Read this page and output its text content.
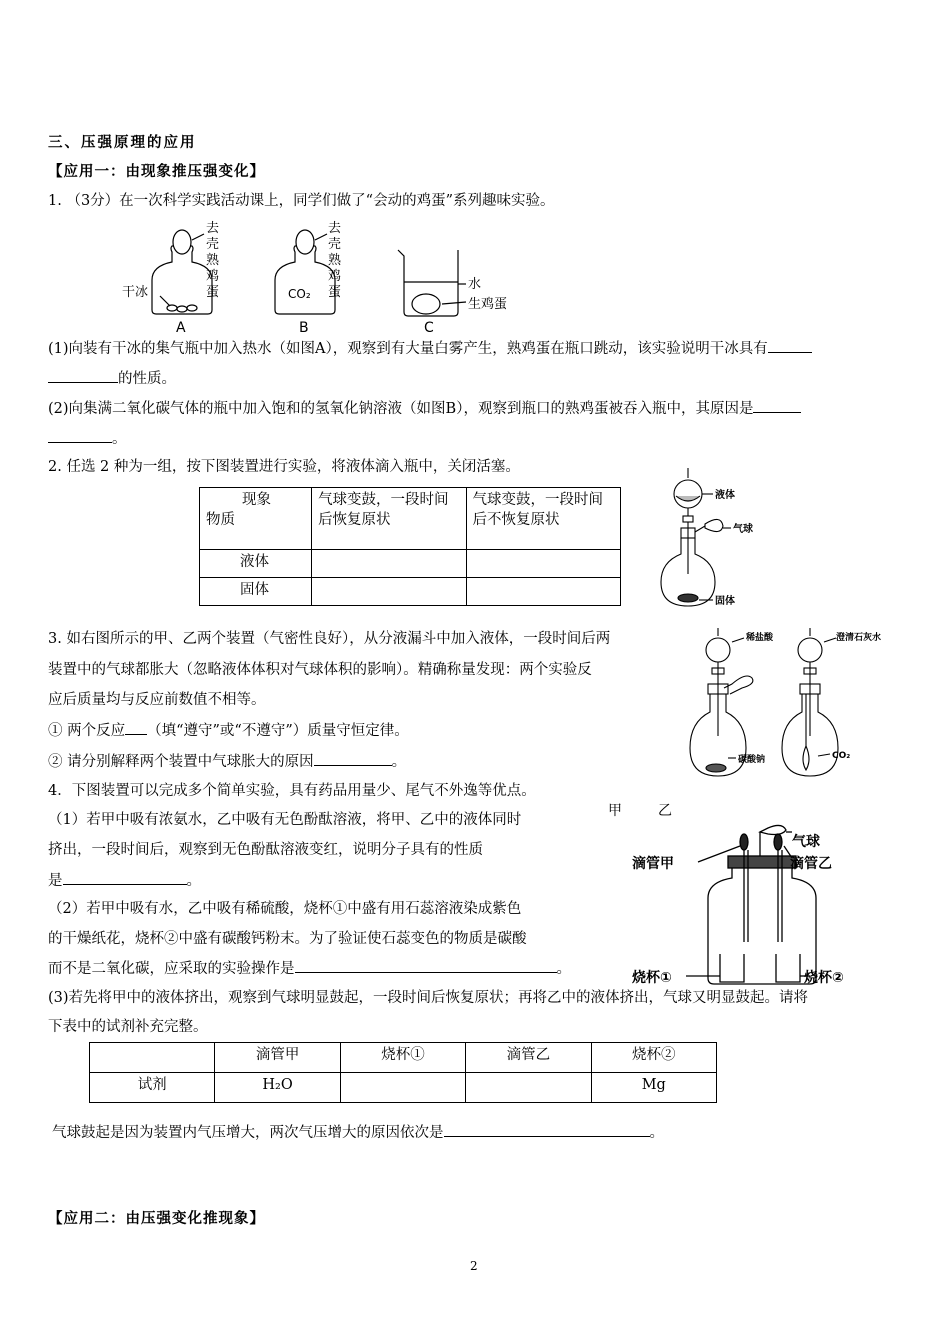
三、压强原理的应用
【应用一：由现象推压强变化】
1. （3分）在一次科学实践活动课上，同学们做了“会动的鸡蛋”系列趣味实验。
去
壳
熟
鸡
蛋
干冰
A
去
壳
熟
鸡
蛋
CO₂
B
水
生鸡蛋
C
(1)向装有干冰的集气瓶中加入热水（如图A），观察到有大量白雾产生，熟鸡蛋在瓶口跳动，该实验说明干冰具有
的性质。
(2)向集满二氧化碳气体的瓶中加入饱和的氢氧化钠溶液（如图B），观察到瓶口的熟鸡蛋被吞入瓶中，其原因是
。
2. 任选 2 种为一组，按下图装置进行实验，将液体滴入瓶中，关闭活塞。
现象
物质	气球变鼓，一段时间后恢复原状	气球变鼓，一段时间后不恢复原状
液体		
固体		
液体
气球
固体
3. 如右图所示的甲、乙两个装置（气密性良好），从分液漏斗中加入液体，一段时间后两
装置中的气球都胀大（忽略液体体积对气球体积的影响）。精确称量发现：两个实验反
应后质量均与反应前数值不相等。
① 两个反应 （填“遵守”或“不遵守”）质量守恒定律。
② 请分别解释两个装置中气球胀大的原因	。
稀盐酸	澄清石灰水
碳酸钠	CO₂
甲	乙
4．下图装置可以完成多个简单实验，具有药品用量少、尾气不外逸等优点。
（1）若甲中吸有浓氨水，乙中吸有无色酚酞溶液，将甲、乙中的液体同时
挤出，一段时间后，观察到无色酚酞溶液变红，说明分子具有的性质
是	。
（2）若甲中吸有水，乙中吸有稀硫酸，烧杯①中盛有用石蕊溶液染成紫色
的干燥纸花，烧杯②中盛有碳酸钙粉末。为了验证使石蕊变色的物质是碳酸
而不是二氧化碳，应采取的实验操作是	。
气球
滴管甲	滴管乙
烧杯①	烧杯②
(3)若先将甲中的液体挤出，观察到气球明显鼓起，一段时间后恢复原状；再将乙中的液体挤出，气球又明显鼓起。请将
下表中的试剂补充完整。
	滴管甲	烧杯①	滴管乙	烧杯②
试剂	H₂O			Mg
气球鼓起是因为装置内气压增大，两次气压增大的原因依次是	。
【应用二：由压强变化推现象】
2
